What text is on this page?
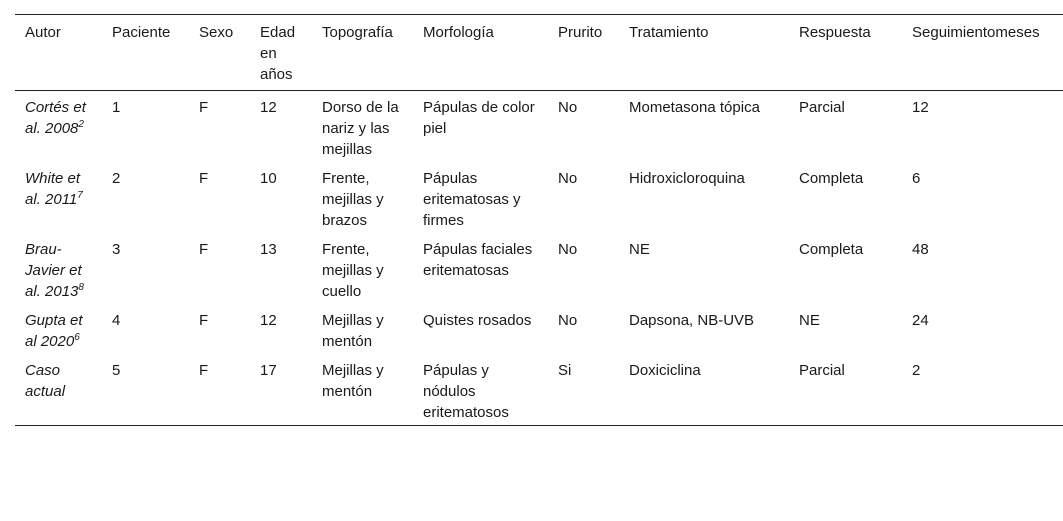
Autor	Paciente	Sexo	Edad en años	Topografía	Morfología	Prurito	Tratamiento	Respuesta	Seguimientomeses
Cortés et al. 2008$^2$	1	F	12	Dorso de la nariz y las mejillas	Pápulas de color piel	No	Mometasona tópica	Parcial	12
White et al. 2011$^7$	2	F	10	Frente, mejillas y brazos	Pápulas eritematosas y firmes	No	Hidroxicloroquina	Completa	6
Brau-Javier et al. 2013$^8$	3	F	13	Frente, mejillas y cuello	Pápulas faciales eritematosas	No	NE	Completa	48
Gupta et al 2020$^6$	4	F	12	Mejillas y mentón	Quistes rosados	No	Dapsona, NB-UVB	NE	24
Caso actual	5	F	17	Mejillas y mentón	Pápulas y nódulos eritematosos	Si	Doxiciclina	Parcial	2
